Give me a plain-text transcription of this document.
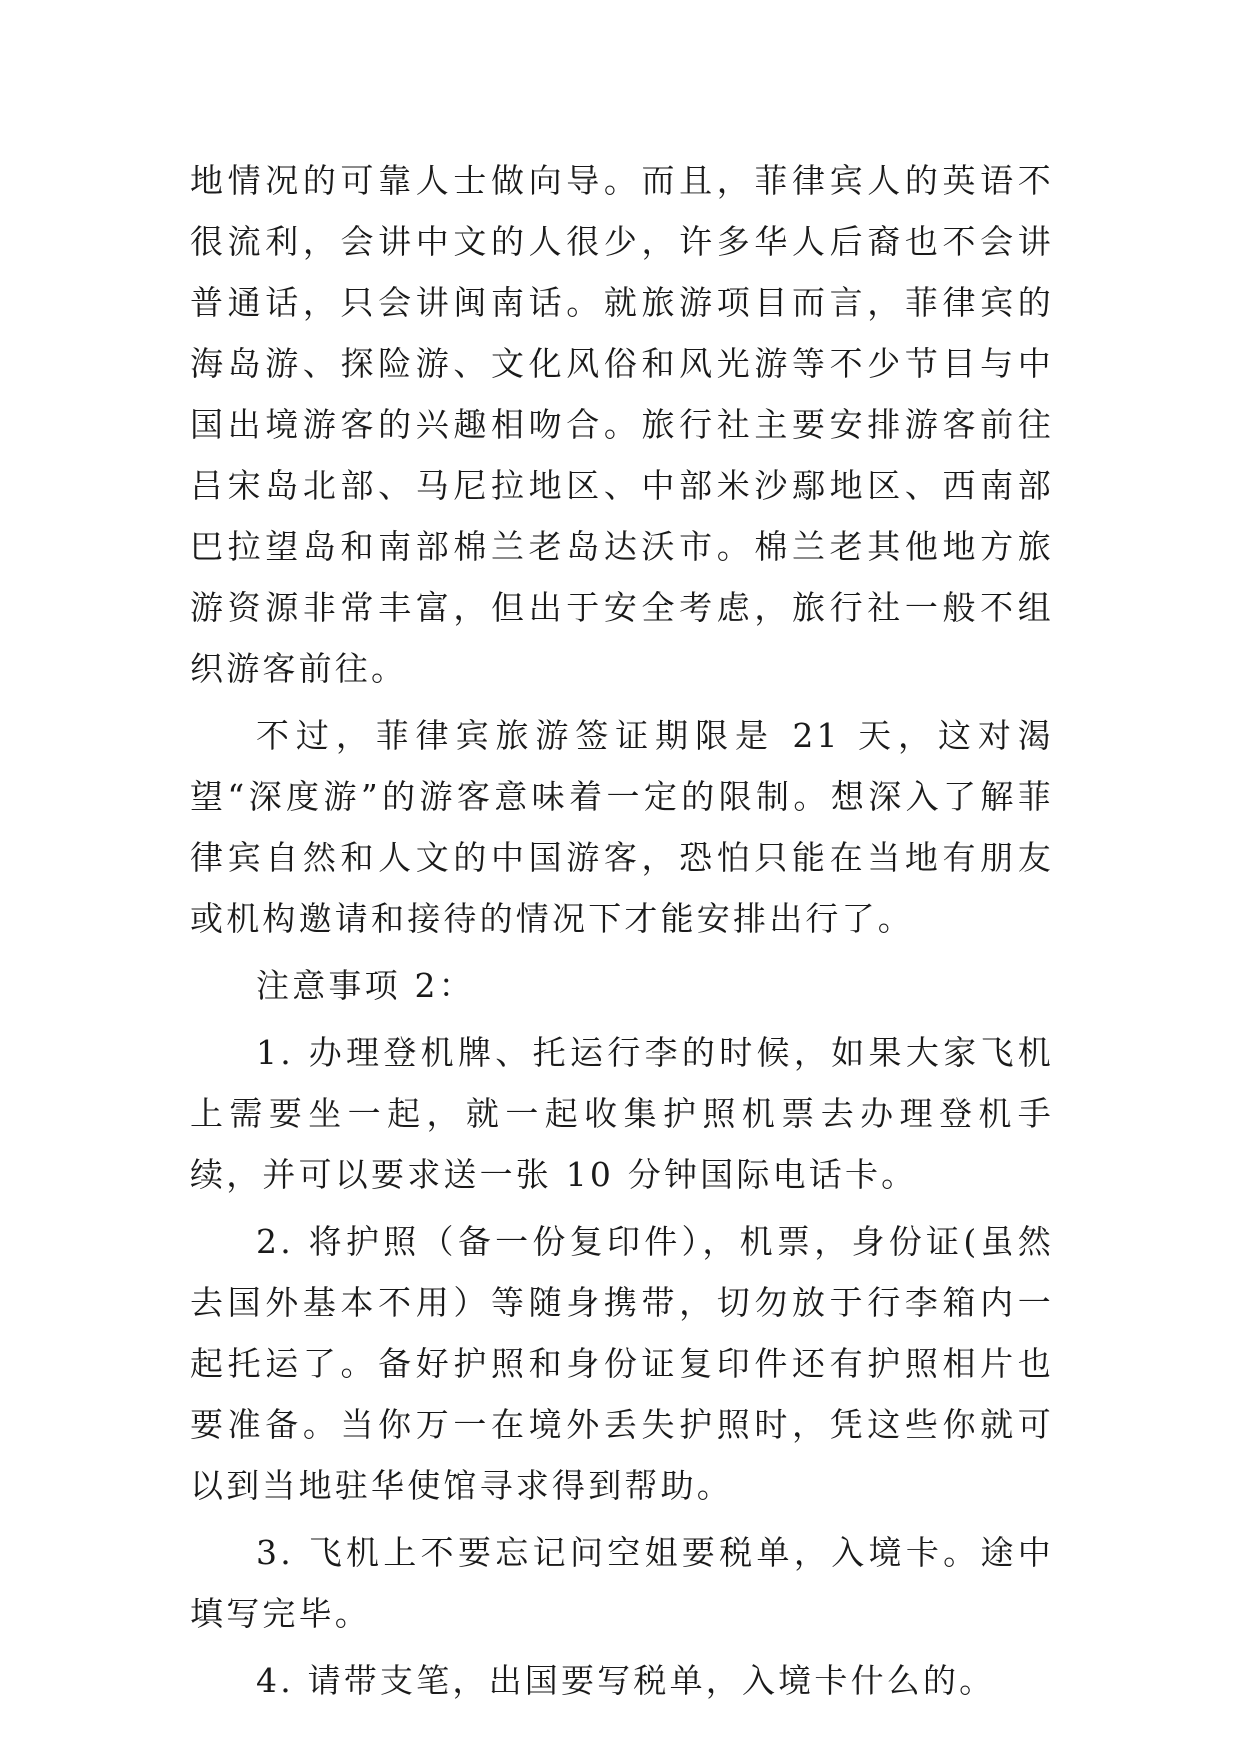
地情况的可靠人士做向导。而且，菲律宾人的英语不很流利，会讲中文的人很少，许多华人后裔也不会讲普通话，只会讲闽南话。就旅游项目而言，菲律宾的海岛游、探险游、文化风俗和风光游等不少节目与中国出境游客的兴趣相吻合。旅行社主要安排游客前往吕宋岛北部、马尼拉地区、中部米沙鄢地区、西南部巴拉望岛和南部棉兰老岛达沃市。棉兰老其他地方旅游资源非常丰富，但出于安全考虑，旅行社一般不组织游客前往。

不过，菲律宾旅游签证期限是 21 天，这对渴望“深度游”的游客意味着一定的限制。想深入了解菲律宾自然和人文的中国游客，恐怕只能在当地有朋友或机构邀请和接待的情况下才能安排出行了。

注意事项 2：

1. 办理登机牌、托运行李的时候，如果大家飞机上需要坐一起，就一起收集护照机票去办理登机手续，并可以要求送一张 10 分钟国际电话卡。

2. 将护照（备一份复印件），机票，身份证(虽然去国外基本不用）等随身携带，切勿放于行李箱内一起托运了。备好护照和身份证复印件还有护照相片也要准备。当你万一在境外丢失护照时，凭这些你就可以到当地驻华使馆寻求得到帮助。

3. 飞机上不要忘记问空姐要税单，入境卡。途中填写完毕。

4. 请带支笔，出国要写税单，入境卡什么的。
